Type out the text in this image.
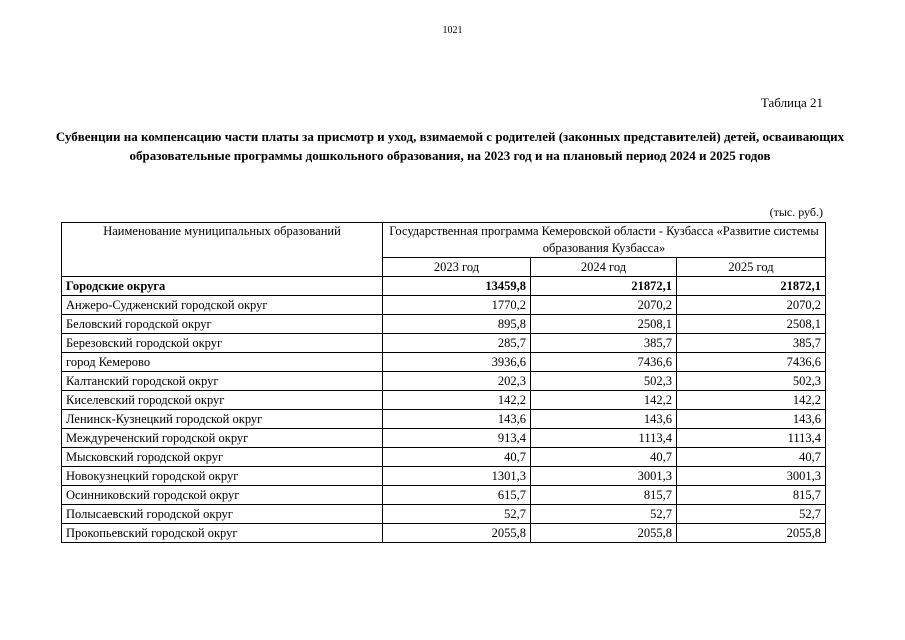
1021
Таблица 21
Субвенции на компенсацию части платы за присмотр и уход, взимаемой с родителей (законных представителей) детей, осваивающих образовательные программы дошкольного образования, на 2023 год и на плановый период 2024 и 2025 годов
(тыс. руб.)
Наименование муниципальных образований	Государственная программа Кемеровской области - Кузбасса «Развитие системы образования Кузбасса»		
	2023 год	2024 год	2025 год
Городские округа	13459,8	21872,1	21872,1
Анжеро-Судженский городской округ	1770,2	2070,2	2070,2
Беловский городской округ	895,8	2508,1	2508,1
Березовский городской округ	285,7	385,7	385,7
город Кемерово	3936,6	7436,6	7436,6
Калтанский городской округ	202,3	502,3	502,3
Киселевский городской округ	142,2	142,2	142,2
Ленинск-Кузнецкий городской округ	143,6	143,6	143,6
Междуреченский городской округ	913,4	1113,4	1113,4
Мысковский городской округ	40,7	40,7	40,7
Новокузнецкий городской округ	1301,3	3001,3	3001,3
Осинниковский городской округ	615,7	815,7	815,7
Полысаевский городской округ	52,7	52,7	52,7
Прокопьевский городской округ	2055,8	2055,8	2055,8
